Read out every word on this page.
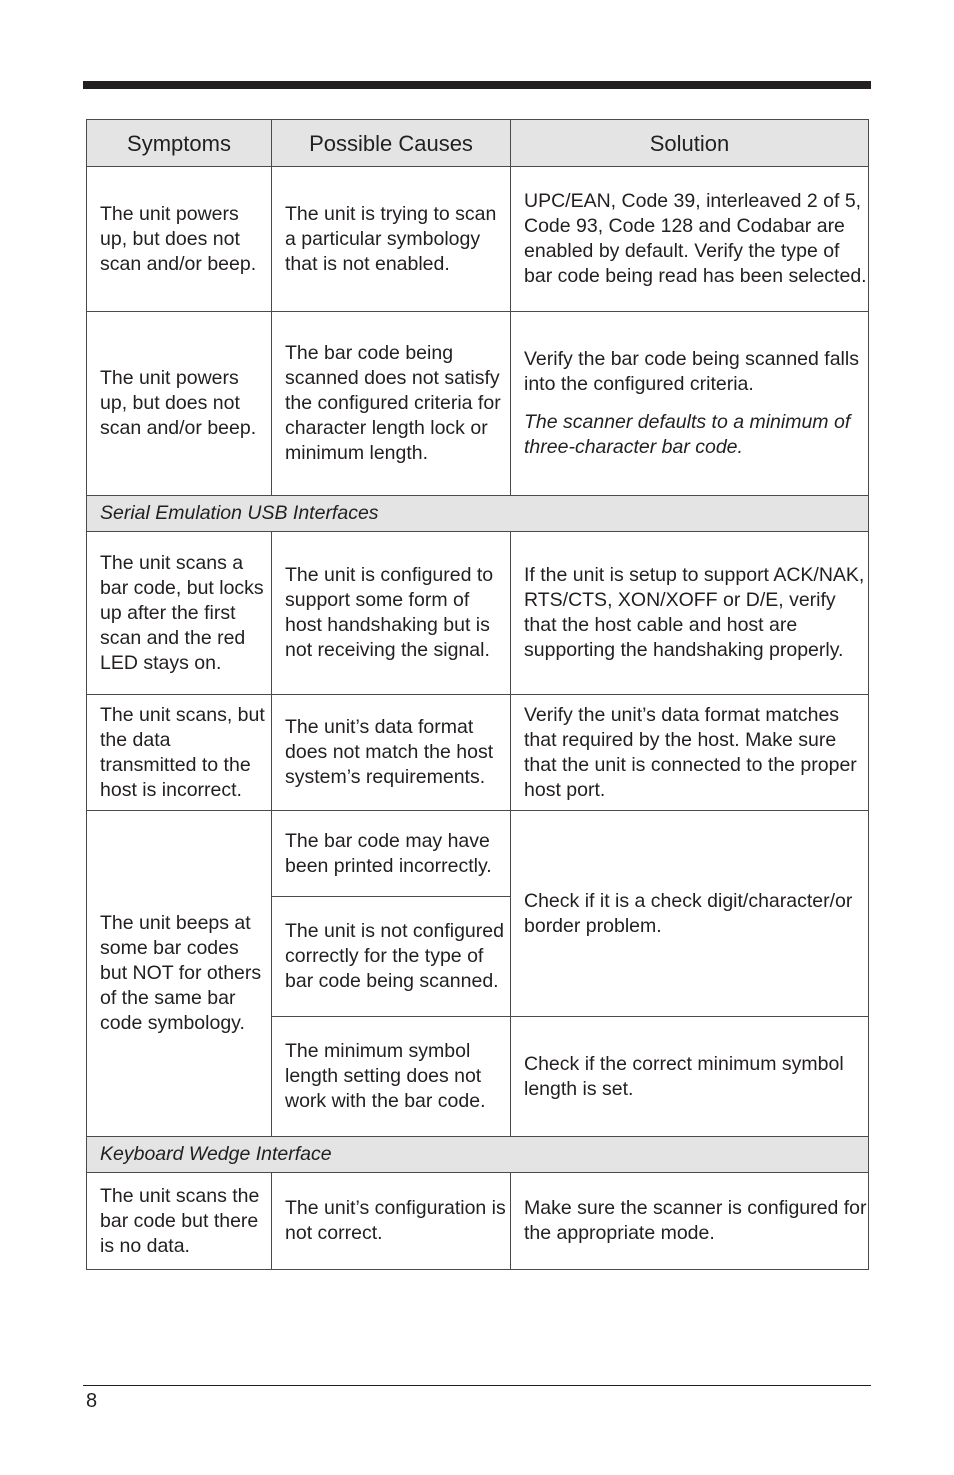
Symptoms	Possible Causes	Solution
The unit powers up, but does not scan and/or beep.	The unit is trying to scan a particular symbology that is not enabled.	UPC/EAN, Code 39, interleaved 2 of 5, Code 93, Code 128 and Codabar are enabled by default. Verify the type of bar code being read has been selected.
The unit powers up, but does not scan and/or beep.	The bar code being scanned does not satisfy the configured criteria for character length lock or minimum length.	Verify the bar code being scanned falls into the configured criteria.
The scanner defaults to a minimum of three-character bar code.
Serial Emulation USB Interfaces		
The unit scans a bar code, but locks up after the first scan and the red LED stays on.	The unit is configured to support some form of host handshaking but is not receiving the signal.	If the unit is setup to support ACK/NAK, RTS/CTS, XON/XOFF or D/E, verify that the host cable and host are supporting the handshaking properly.
The unit scans, but the data transmitted to the host is incorrect.	The unit’s data format does not match the host system’s requirements.	Verify the unit’s data format matches that required by the host. Make sure that the unit is connected to the proper host port.
The unit beeps at some bar codes but NOT for others of the same bar code symbology.	The bar code may have been printed incorrectly.	Check if it is a check digit/character/or border problem.
	The unit is not configured correctly for the type of bar code being scanned.	
	The minimum symbol length setting does not work with the bar code.	Check if the correct minimum symbol length is set.
Keyboard Wedge Interface		
The unit scans the bar code but there is no data.	The unit’s configuration is not correct.	Make sure the scanner is configured for the appropriate mode.
8
